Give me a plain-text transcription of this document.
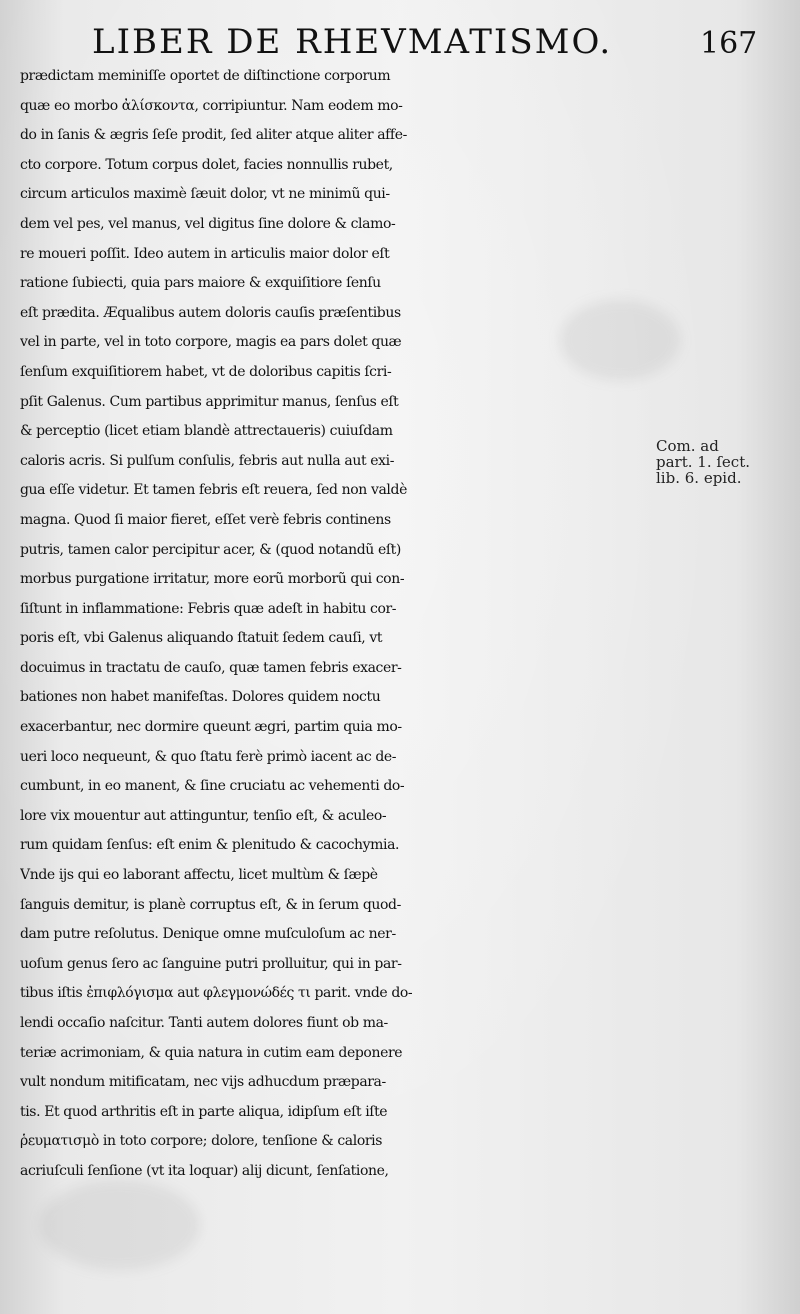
LIBER DE RHEVMATISMO.	167
prædictam meminiſſe oportet de diſtinctione corporum
quæ eo morbo ἀλίσκοντα, corripiuntur. Nam eodem mo-
do in ſanis & ægris ſeſe prodit, ſed aliter atque aliter affe-
cto corpore. Totum corpus dolet, facies nonnullis rubet,
circum articulos maximè ſæuit dolor, vt ne minimũ qui-
dem vel pes, vel manus, vel digitus ſine dolore & clamo-
re moueri poſſit. Ideo autem in articulis maior dolor eſt
ratione ſubiecti, quia pars maiore & exquiſitiore ſenſu
eſt prædita. Æqualibus autem doloris cauſis præſentibus
vel in parte, vel in toto corpore, magis ea pars dolet quæ
ſenſum exquiſitiorem habet, vt de doloribus capitis ſcri-
pſit Galenus. Cum partibus apprimitur manus, ſenſus eſt
& perceptio (licet etiam blandè attrectaueris) cuiuſdam
caloris acris. Si pulſum conſulis, febris aut nulla aut exi-
gua eſſe videtur. Et tamen febris eſt reuera, ſed non valdè
magna. Quod ſi maior fieret, eſſet verè febris continens
putris, tamen calor percipitur acer, & (quod notandũ eſt)
morbus purgatione irritatur, more eorũ morborũ qui con-
ſiſtunt in inflammatione: Febris quæ adeſt in habitu cor-
poris eſt, vbi Galenus aliquando ſtatuit ſedem cauſi, vt
docuimus in tractatu de cauſo, quæ tamen febris exacer-
bationes non habet manifeſtas. Dolores quidem noctu
exacerbantur, nec dormire queunt ægri, partim quia mo-
ueri loco nequeunt, & quo ſtatu ferè primò iacent ac de-
cumbunt, in eo manent, & ſine cruciatu ac vehementi do-
lore vix mouentur aut attinguntur, tenſio eſt, & aculeo-
rum quidam ſenſus: eſt enim & plenitudo & cacochymia.
Vnde ijs qui eo laborant affectu, licet multùm & ſæpè
ſanguis demitur, is planè corruptus eſt, & in ſerum quod-
dam putre reſolutus. Denique omne muſculoſum ac ner-
uoſum genus ſero ac ſanguine putri prolluitur, qui in par-
tibus iſtis ἐπιφλόγισμα aut φλεγμονώδές τι parit. vnde do-
lendi occaſio naſcitur. Tanti autem dolores fiunt ob ma-
teriæ acrimoniam, & quia natura in cutim eam deponere
vult nondum mitificatam, nec vijs adhucdum præpara-
tis. Et quod arthritis eſt in parte aliqua, idipſum eſt iſte
ῥευματισμὸ in toto corpore; dolore, tenſione & caloris
acriuſculi ſenſione (vt ita loquar) alij dicunt, ſenſatione,
Com. ad
part. 1. ſect.
lib. 6. epid.
